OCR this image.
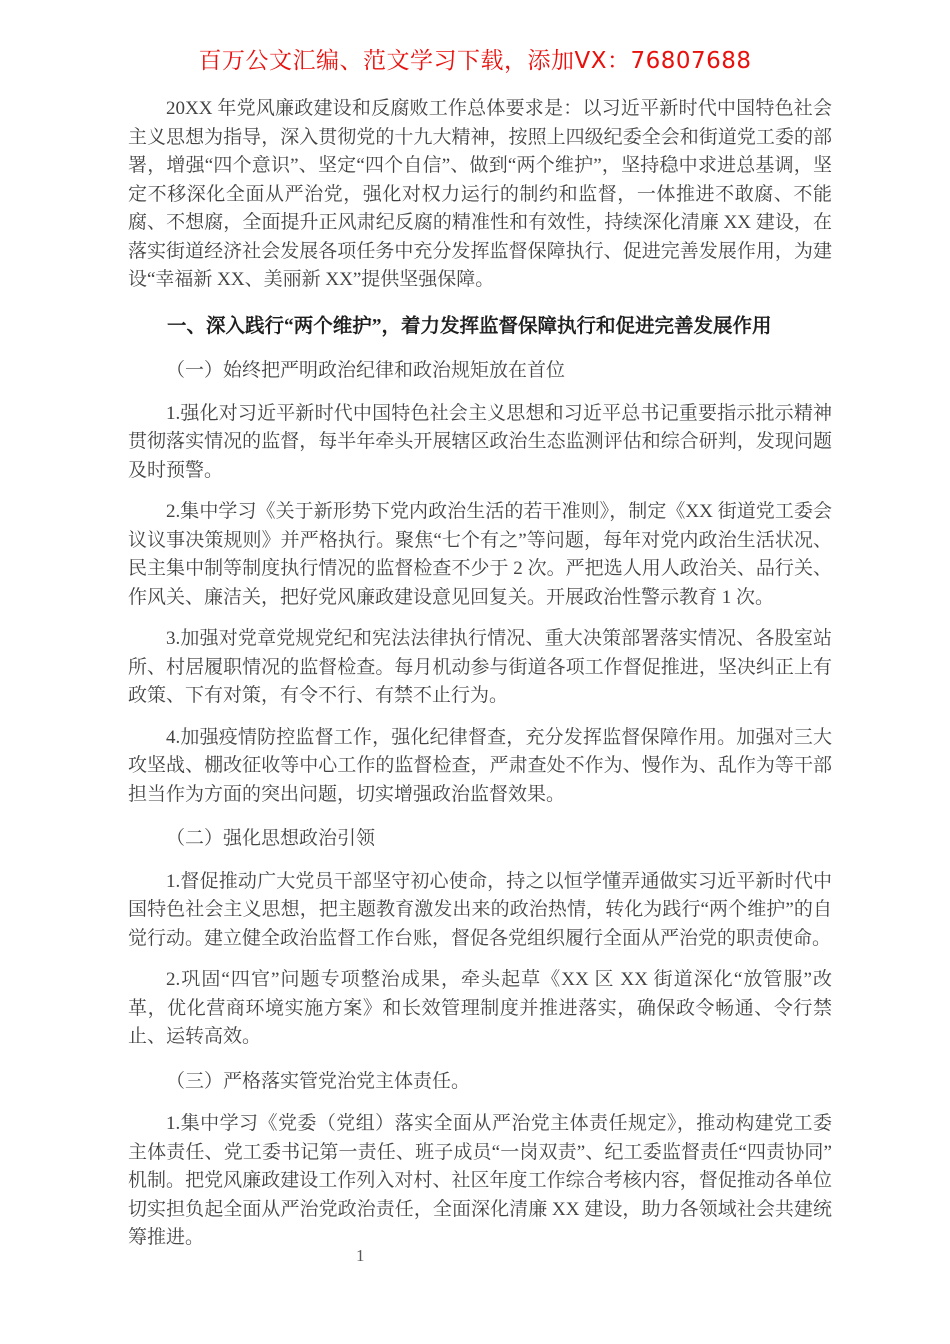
百万公文汇编、范文学习下载，添加VX：76807688

20XX 年党风廉政建设和反腐败工作总体要求是：以习近平新时代中国特色社会主义思想为指导，深入贯彻党的十九大精神，按照上四级纪委全会和街道党工委的部署，增强“四个意识”、坚定“四个自信”、做到“两个维护”，坚持稳中求进总基调，坚定不移深化全面从严治党，强化对权力运行的制约和监督，一体推进不敢腐、不能腐、不想腐，全面提升正风肃纪反腐的精准性和有效性，持续深化清廉 XX 建设，在落实街道经济社会发展各项任务中充分发挥监督保障执行、促进完善发展作用，为建设“幸福新 XX、美丽新 XX”提供坚强保障。

一、深入践行“两个维护”，着力发挥监督保障执行和促进完善发展作用

（一）始终把严明政治纪律和政治规矩放在首位

1.强化对习近平新时代中国特色社会主义思想和习近平总书记重要指示批示精神贯彻落实情况的监督，每半年牵头开展辖区政治生态监测评估和综合研判，发现问题及时预警。

2.集中学习《关于新形势下党内政治生活的若干准则》，制定《XX 街道党工委会议议事决策规则》并严格执行。聚焦“七个有之”等问题，每年对党内政治生活状况、民主集中制等制度执行情况的监督检查不少于 2 次。严把选人用人政治关、品行关、作风关、廉洁关，把好党风廉政建设意见回复关。开展政治性警示教育 1 次。

3.加强对党章党规党纪和宪法法律执行情况、重大决策部署落实情况、各股室站所、村居履职情况的监督检查。每月机动参与街道各项工作督促推进，坚决纠正上有政策、下有对策，有令不行、有禁不止行为。

4.加强疫情防控监督工作，强化纪律督查，充分发挥监督保障作用。加强对三大攻坚战、棚改征收等中心工作的监督检查，严肃查处不作为、慢作为、乱作为等干部担当作为方面的突出问题，切实增强政治监督效果。

（二）强化思想政治引领

1.督促推动广大党员干部坚守初心使命，持之以恒学懂弄通做实习近平新时代中国特色社会主义思想，把主题教育激发出来的政治热情，转化为践行“两个维护”的自觉行动。建立健全政治监督工作台账，督促各党组织履行全面从严治党的职责使命。

2.巩固“四官”问题专项整治成果，牵头起草《XX 区 XX 街道深化“放管服”改革，优化营商环境实施方案》和长效管理制度并推进落实，确保政令畅通、令行禁止、运转高效。

（三）严格落实管党治党主体责任。

1.集中学习《党委（党组）落实全面从严治党主体责任规定》，推动构建党工委主体责任、党工委书记第一责任、班子成员“一岗双责”、纪工委监督责任“四责协同”机制。把党风廉政建设工作列入对村、社区年度工作综合考核内容，督促推动各单位切实担负起全面从严治党政治责任，全面深化清廉 XX 建设，助力各领域社会共建统筹推进。

1
